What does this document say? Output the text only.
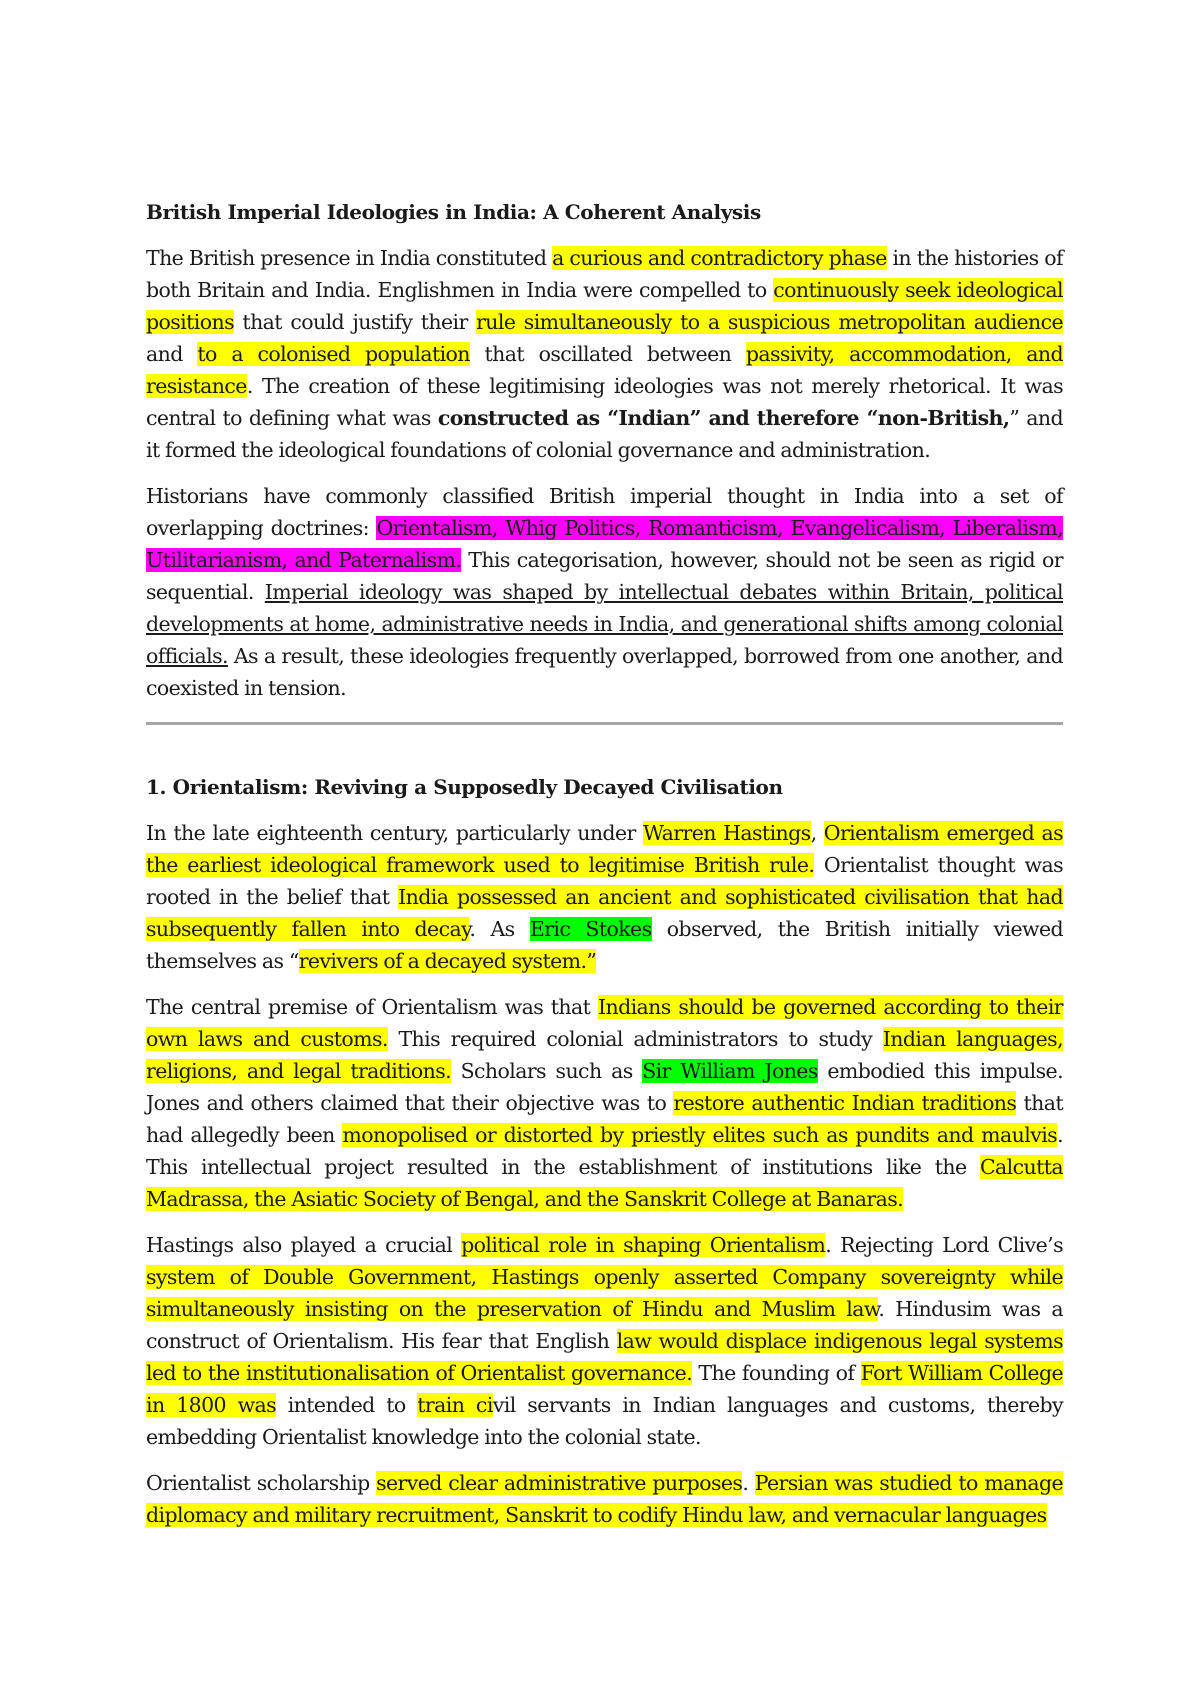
British Imperial Ideologies in India: A Coherent Analysis

The British presence in India constituted a curious and contradictory phase in the histories of both Britain and India. Englishmen in India were compelled to continuously seek ideological positions that could justify their rule simultaneously to a suspicious metropolitan audience and to a colonised population that oscillated between passivity, accommodation, and resistance. The creation of these legitimising ideologies was not merely rhetorical. It was central to defining what was constructed as “Indian” and therefore “non-British,” and it formed the ideological foundations of colonial governance and administration.

Historians have commonly classified British imperial thought in India into a set of overlapping doctrines: Orientalism, Whig Politics, Romanticism, Evangelicalism, Liberalism, Utilitarianism, and Paternalism. This categorisation, however, should not be seen as rigid or sequential. Imperial ideology was shaped by intellectual debates within Britain, political developments at home, administrative needs in India, and generational shifts among colonial officials. As a result, these ideologies frequently overlapped, borrowed from one another, and coexisted in tension.

1. Orientalism: Reviving a Supposedly Decayed Civilisation

In the late eighteenth century, particularly under Warren Hastings, Orientalism emerged as the earliest ideological framework used to legitimise British rule. Orientalist thought was rooted in the belief that India possessed an ancient and sophisticated civilisation that had subsequently fallen into decay. As Eric Stokes observed, the British initially viewed themselves as “revivers of a decayed system.”

The central premise of Orientalism was that Indians should be governed according to their own laws and customs. This required colonial administrators to study Indian languages, religions, and legal traditions. Scholars such as Sir William Jones embodied this impulse. Jones and others claimed that their objective was to restore authentic Indian traditions that had allegedly been monopolised or distorted by priestly elites such as pundits and maulvis. This intellectual project resulted in the establishment of institutions like the Calcutta Madrassa, the Asiatic Society of Bengal, and the Sanskrit College at Banaras.

Hastings also played a crucial political role in shaping Orientalism. Rejecting Lord Clive’s system of Double Government, Hastings openly asserted Company sovereignty while simultaneously insisting on the preservation of Hindu and Muslim law. Hindusim was a construct of Orientalism. His fear that English law would displace indigenous legal systems led to the institutionalisation of Orientalist governance. The founding of Fort William College in 1800 was intended to train civil servants in Indian languages and customs, thereby embedding Orientalist knowledge into the colonial state.

Orientalist scholarship served clear administrative purposes. Persian was studied to manage diplomacy and military recruitment, Sanskrit to codify Hindu law, and vernacular languages
